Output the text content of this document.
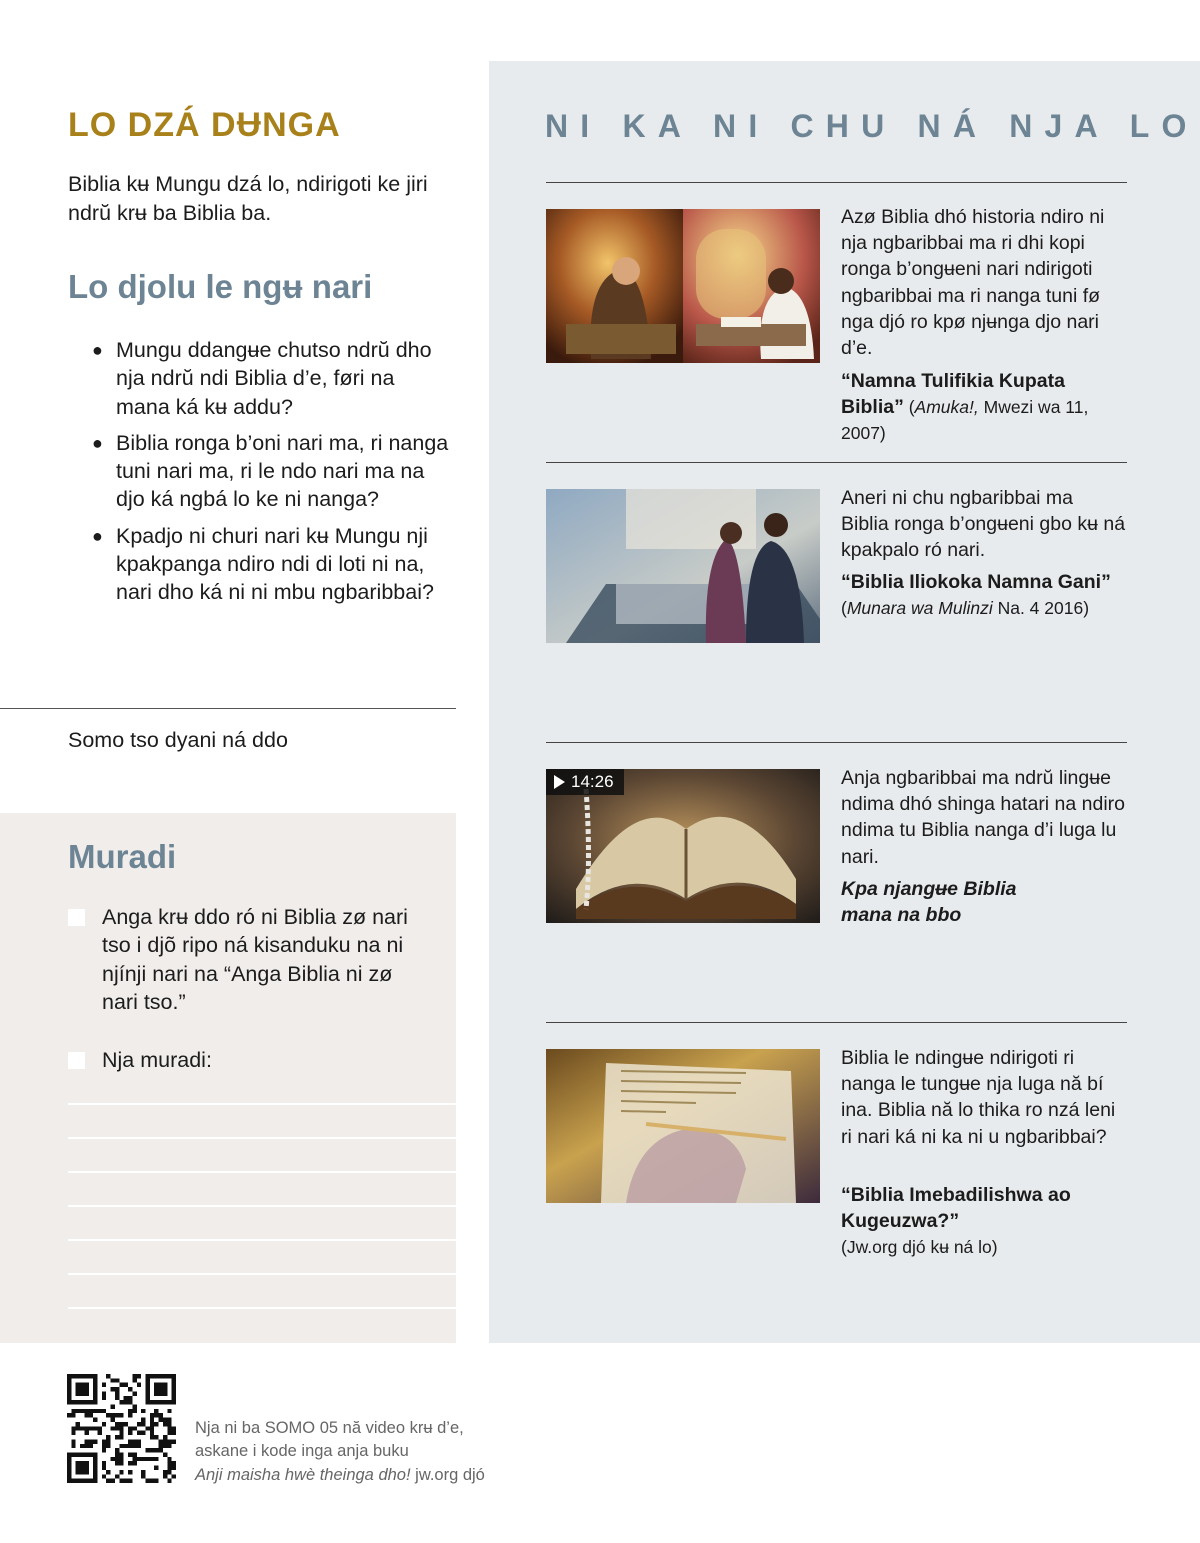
LO DZÁ DɄNGA

Biblia kʉ Mungu dzá lo, ndirigoti ke jiri ndrŭ krʉ ba Biblia ba.

Lo djolu le ngʉ nari
● Mungu ddangʉe chutso ndrŭ dho nja ndrŭ ndi Biblia d’e, føri na mana ká kʉ addu?
● Biblia ronga b’oni nari ma, ri nanga tuni nari ma, ri le ndo nari ma na djo ká ngbá lo ke ni nanga?
● Kpadjo ni churi nari kʉ Mungu nji kpakpanga ndiro ndi di loti ni na, nari dho ká ni ni mbu ngbaribbai?

Somo tso dyani ná ddo

Muradi
Anga krʉ ddo ró ni Biblia zø nari tso i djõ ripo ná kisanduku na ni njínji nari na “Anga Biblia ni zø nari tso.”
Nja muradi:
NI KA NI CHU NÁ NJA LO

Azø Biblia dhó historia ndiro ni nja ngbaribbai ma ri dhi kopi ronga b’ongʉeni nari ndirigoti ngbaribbai ma ri nanga tuni fø nga djó ro kpø njʉnga djo nari d’e.

“Namna Tulifikia Kupata Biblia” (Amuka!, Mwezi wa 11, 2007)

Aneri ni chu ngbaribbai ma Biblia ronga b’ongʉeni gbo kʉ ná kpakpalo ró nari.

“Biblia Iliokoka Namna Gani”
(Munara wa Mulinzi Na. 4 2016)

14:26	Anja ngbaribbai ma ndrŭ lingʉe ndima dhó shinga hatari na ndiro ndima tu Biblia nanga d’i luga lu nari.

Kpa njangʉe Biblia mana na bbo

Biblia le ndingʉe ndirigoti ri nanga le tungʉe nja luga nă bí ina. Biblia nă lo thika ro nzá leni ri nari ká ni ka ni u ngbaribbai?

“Biblia Imebadilishwa ao Kugeuzwa?”
(Jw.org djó kʉ ná lo)

Nja ni ba SOMO 05 nă video krʉ d’e,
askane i kode inga anja buku
Anji maisha hwè theinga dho! jw.org djó
